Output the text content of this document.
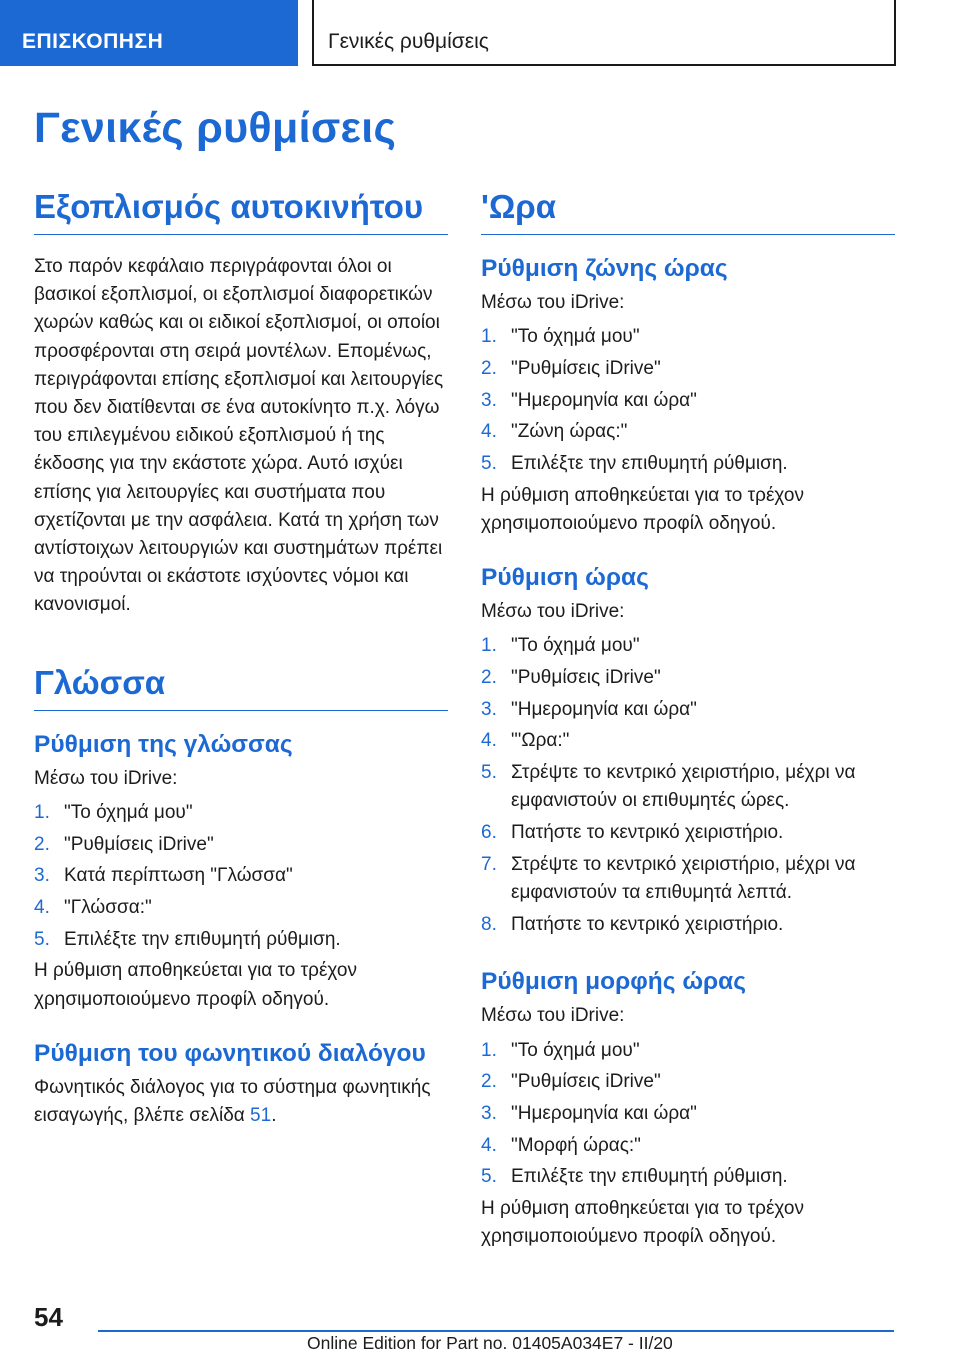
ΕΠΙΣΚΟΠΗΣΗ	Γενικές ρυθμίσεις
Γενικές ρυθμίσεις
Εξοπλισμός αυτοκινήτου

Στο παρόν κεφάλαιο περιγράφονται όλοι οι βασικοί εξοπλισμοί, οι εξοπλισμοί διαφορετικών χωρών καθώς και οι ειδικοί εξοπλισμοί, οι οποίοι προσφέρονται στη σειρά μοντέλων. Επομένως, περιγράφονται επίσης εξοπλισμοί και λειτουργίες που δεν διατίθενται σε ένα αυτοκίνητο π.χ. λόγω του επιλεγμένου ειδικού εξοπλισμού ή της έκδοσης για την εκάστοτε χώρα. Αυτό ισχύει επίσης για λειτουργίες και συστήματα που σχετίζονται με την ασφάλεια. Κατά τη χρήση των αντίστοιχων λειτουργιών και συστημάτων πρέπει να τηρούνται οι εκάστοτε ισχύοντες νόμοι και κανονισμοί.

Γλώσσα
Ρύθμιση της γλώσσας

Μέσω του iDrive:

1. "Το όχημά μου"
2. "Ρυθμίσεις iDrive"
3. Κατά περίπτωση "Γλώσσα"
4. "Γλώσσα:"
5. Επιλέξτε την επιθυμητή ρύθμιση.

Η ρύθμιση αποθηκεύεται για το τρέχον χρησιμοποιούμενο προφίλ οδηγού.

Ρύθμιση του φωνητικού διαλόγου

Φωνητικός διάλογος για το σύστημα φωνητικής εισαγωγής, βλέπε σελίδα 51.

'Ωρα
Ρύθμιση ζώνης ώρας

Μέσω του iDrive:

1. "Το όχημά μου"
2. "Ρυθμίσεις iDrive"
3. "Ημερομηνία και ώρα"
4. "Ζώνη ώρας:"
5. Επιλέξτε την επιθυμητή ρύθμιση.

Η ρύθμιση αποθηκεύεται για το τρέχον χρησιμοποιούμενο προφίλ οδηγού.

Ρύθμιση ώρας

Μέσω του iDrive:

1. "Το όχημά μου"
2. "Ρυθμίσεις iDrive"
3. "Ημερομηνία και ώρα"
4. "'Ωρα:"
5. Στρέψτε το κεντρικό χειριστήριο, μέχρι να εμφανιστούν οι επιθυμητές ώρες.
6. Πατήστε το κεντρικό χειριστήριο.
7. Στρέψτε το κεντρικό χειριστήριο, μέχρι να εμφανιστούν τα επιθυμητά λεπτά.
8. Πατήστε το κεντρικό χειριστήριο.
Ρύθμιση μορφής ώρας

Μέσω του iDrive:

1. "Το όχημά μου"
2. "Ρυθμίσεις iDrive"
3. "Ημερομηνία και ώρα"
4. "Μορφή ώρας:"
5. Επιλέξτε την επιθυμητή ρύθμιση.

Η ρύθμιση αποθηκεύεται για το τρέχον χρησιμοποιούμενο προφίλ οδηγού.

54
Online Edition for Part no. 01405A034E7 - II/20
